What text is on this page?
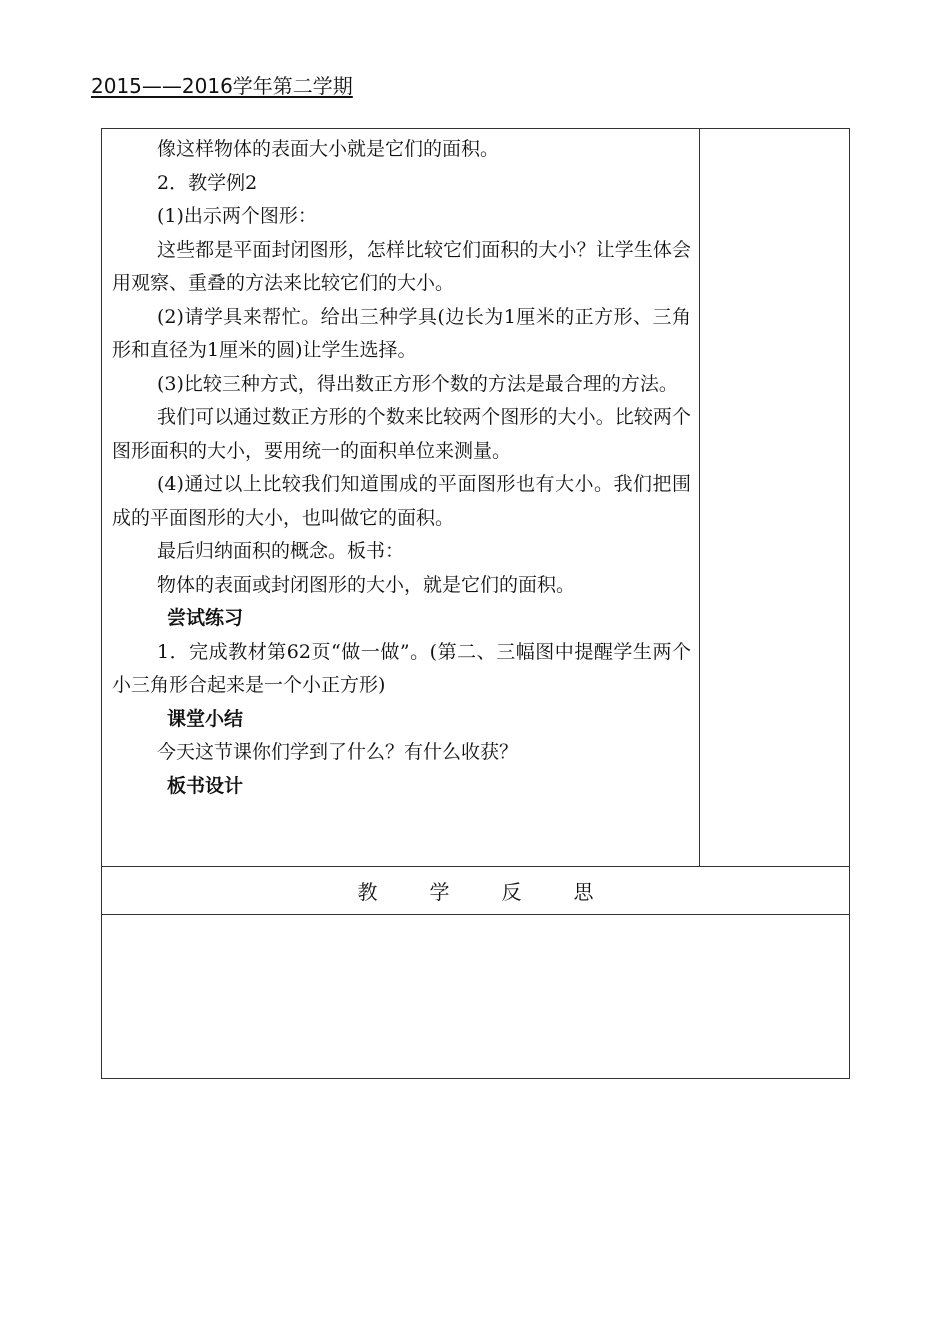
2015——2016学年第二学期

像这样物体的表面大小就是它们的面积。

2．教学例2

(1)出示两个图形：

这些都是平面封闭图形，怎样比较它们面积的大小？让学生体会用观察、重叠的方法来比较它们的大小。

(2)请学具来帮忙。给出三种学具(边长为1厘米的正方形、三角形和直径为1厘米的圆)让学生选择。

(3)比较三种方式，得出数正方形个数的方法是最合理的方法。

我们可以通过数正方形的个数来比较两个图形的大小。比较两个图形面积的大小，要用统一的面积单位来测量。

(4)通过以上比较我们知道围成的平面图形也有大小。我们把围成的平面图形的大小，也叫做它的面积。

最后归纳面积的概念。板书：

物体的表面或封闭图形的大小，就是它们的面积。

尝试练习

1．完成教材第62页“做一做”。(第二、三幅图中提醒学生两个小三角形合起来是一个小正方形)

课堂小结

今天这节课你们学到了什么？有什么收获？

板书设计

教	学	反	思
